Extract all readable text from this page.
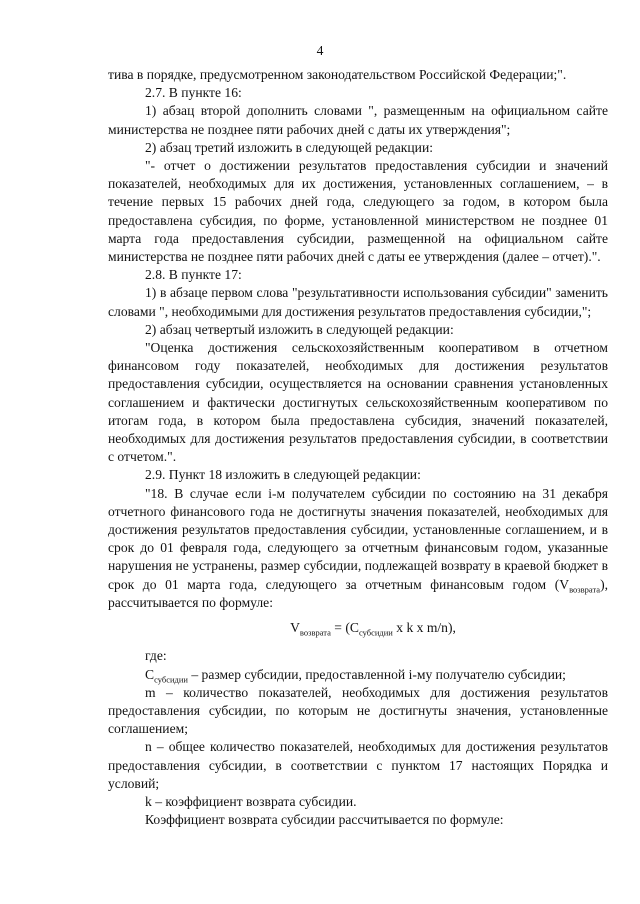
4

тива в порядке, предусмотренном законодательством Российской Федерации;".

2.7. В пункте 16:

1) абзац второй дополнить словами ", размещенным на официальном сайте министерства не позднее пяти рабочих дней с даты их утверждения";

2) абзац третий изложить в следующей редакции:

"- отчет о достижении результатов предоставления субсидии и значений показателей, необходимых для их достижения, установленных соглашением, – в течение первых 15 рабочих дней года, следующего за годом, в котором была предоставлена субсидия, по форме, установленной министерством не позднее 01 марта года предоставления субсидии, размещенной на официальном сайте министерства не позднее пяти рабочих дней с даты ее утверждения (далее – отчет).".

2.8. В пункте 17:

1) в абзаце первом слова "результативности использования субсидии" заменить словами ", необходимыми для достижения результатов предоставления субсидии,";

2) абзац четвертый изложить в следующей редакции:

"Оценка достижения сельскохозяйственным кооперативом в отчетном финансовом году показателей, необходимых для достижения результатов предоставления субсидии, осуществляется на основании сравнения установленных соглашением и фактически достигнутых сельскохозяйственным кооперативом по итогам года, в котором была предоставлена субсидия, значений показателей, необходимых для достижения результатов предоставления субсидии, в соответствии с отчетом.".

2.9. Пункт 18 изложить в следующей редакции:

"18. В случае если i-м получателем субсидии по состоянию на 31 декабря отчетного финансового года не достигнуты значения показателей, необходимых для достижения результатов предоставления субсидии, установленные соглашением, и в срок до 01 февраля года, следующего за отчетным финансовым годом, указанные нарушения не устранены, размер субсидии, подлежащей возврату в краевой бюджет в срок до 01 марта года, следующего за отчетным финансовым годом $(V_{возврата})$, рассчитывается по формуле:

$V_{возврата} = (C_{субсидии}$ x k x m/n),

где:

$C_{субсидии}$ – размер субсидии, предоставленной i-му получателю субсидии;

m – количество показателей, необходимых для достижения результатов предоставления субсидии, по которым не достигнуты значения, установленные соглашением;

n – общее количество показателей, необходимых для достижения результатов предоставления субсидии, в соответствии с пунктом 17 настоящих Порядка и условий;

k – коэффициент возврата субсидии.

Коэффициент возврата субсидии рассчитывается по формуле:
